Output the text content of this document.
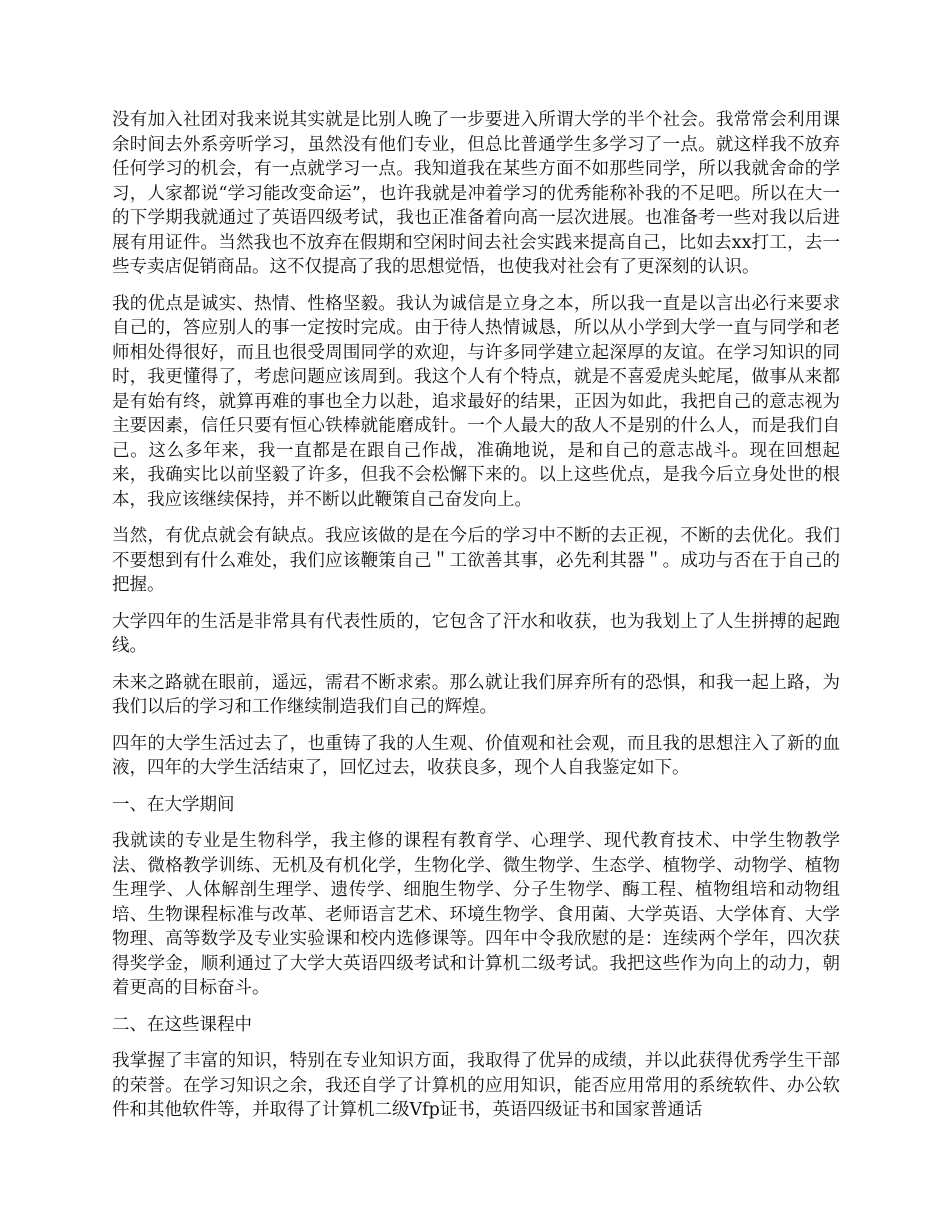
没有加入社团对我来说其实就是比别人晚了一步要进入所谓大学的半个社会。我常常会利用课余时间去外系旁听学习，虽然没有他们专业，但总比普通学生多学习了一点。就这样我不放弃任何学习的机会，有一点就学习一点。我知道我在某些方面不如那些同学，所以我就舍命的学习，人家都说“学习能改变命运”，也许我就是冲着学习的优秀能称补我的不足吧。所以在大一的下学期我就通过了英语四级考试，我也正准备着向高一层次进展。也准备考一些对我以后进展有用证件。当然我也不放弃在假期和空闲时间去社会实践来提高自己，比如去xx打工，去一些专卖店促销商品。这不仅提高了我的思想觉悟，也使我对社会有了更深刻的认识。

我的优点是诚实、热情、性格坚毅。我认为诚信是立身之本，所以我一直是以言出必行来要求自己的，答应别人的事一定按时完成。由于待人热情诚恳，所以从小学到大学一直与同学和老师相处得很好，而且也很受周围同学的欢迎，与许多同学建立起深厚的友谊。在学习知识的同时，我更懂得了，考虑问题应该周到。我这个人有个特点，就是不喜爱虎头蛇尾，做事从来都是有始有终，就算再难的事也全力以赴，追求最好的结果，正因为如此，我把自己的意志视为主要因素，信任只要有恒心铁棒就能磨成针。一个人最大的敌人不是别的什么人，而是我们自己。这么多年来，我一直都是在跟自己作战，准确地说，是和自己的意志战斗。现在回想起来，我确实比以前坚毅了许多，但我不会松懈下来的。以上这些优点，是我今后立身处世的根本，我应该继续保持，并不断以此鞭策自己奋发向上。

当然，有优点就会有缺点。我应该做的是在今后的学习中不断的去正视，不断的去优化。我们不要想到有什么难处，我们应该鞭策自己＂工欲善其事，必先利其器＂。成功与否在于自己的把握。

大学四年的生活是非常具有代表性质的，它包含了汗水和收获，也为我划上了人生拼搏的起跑线。

未来之路就在眼前，遥远，需君不断求索。那么就让我们屏弃所有的恐惧，和我一起上路，为我们以后的学习和工作继续制造我们自己的辉煌。

四年的大学生活过去了，也重铸了我的人生观、价值观和社会观，而且我的思想注入了新的血液，四年的大学生活结束了，回忆过去，收获良多，现个人自我鉴定如下。

一、在大学期间

我就读的专业是生物科学，我主修的课程有教育学、心理学、现代教育技术、中学生物教学法、微格教学训练、无机及有机化学，生物化学、微生物学、生态学、植物学、动物学、植物生理学、人体解剖生理学、遗传学、细胞生物学、分子生物学、酶工程、植物组培和动物组培、生物课程标准与改革、老师语言艺术、环境生物学、食用菌、大学英语、大学体育、大学物理、高等数学及专业实验课和校内选修课等。四年中令我欣慰的是：连续两个学年，四次获得奖学金，顺利通过了大学大英语四级考试和计算机二级考试。我把这些作为向上的动力，朝着更高的目标奋斗。

二、在这些课程中

我掌握了丰富的知识，特别在专业知识方面，我取得了优异的成绩，并以此获得优秀学生干部的荣誉。在学习知识之余，我还自学了计算机的应用知识，能否应用常用的系统软件、办公软件和其他软件等，并取得了计算机二级Vfp证书，英语四级证书和国家普通话
